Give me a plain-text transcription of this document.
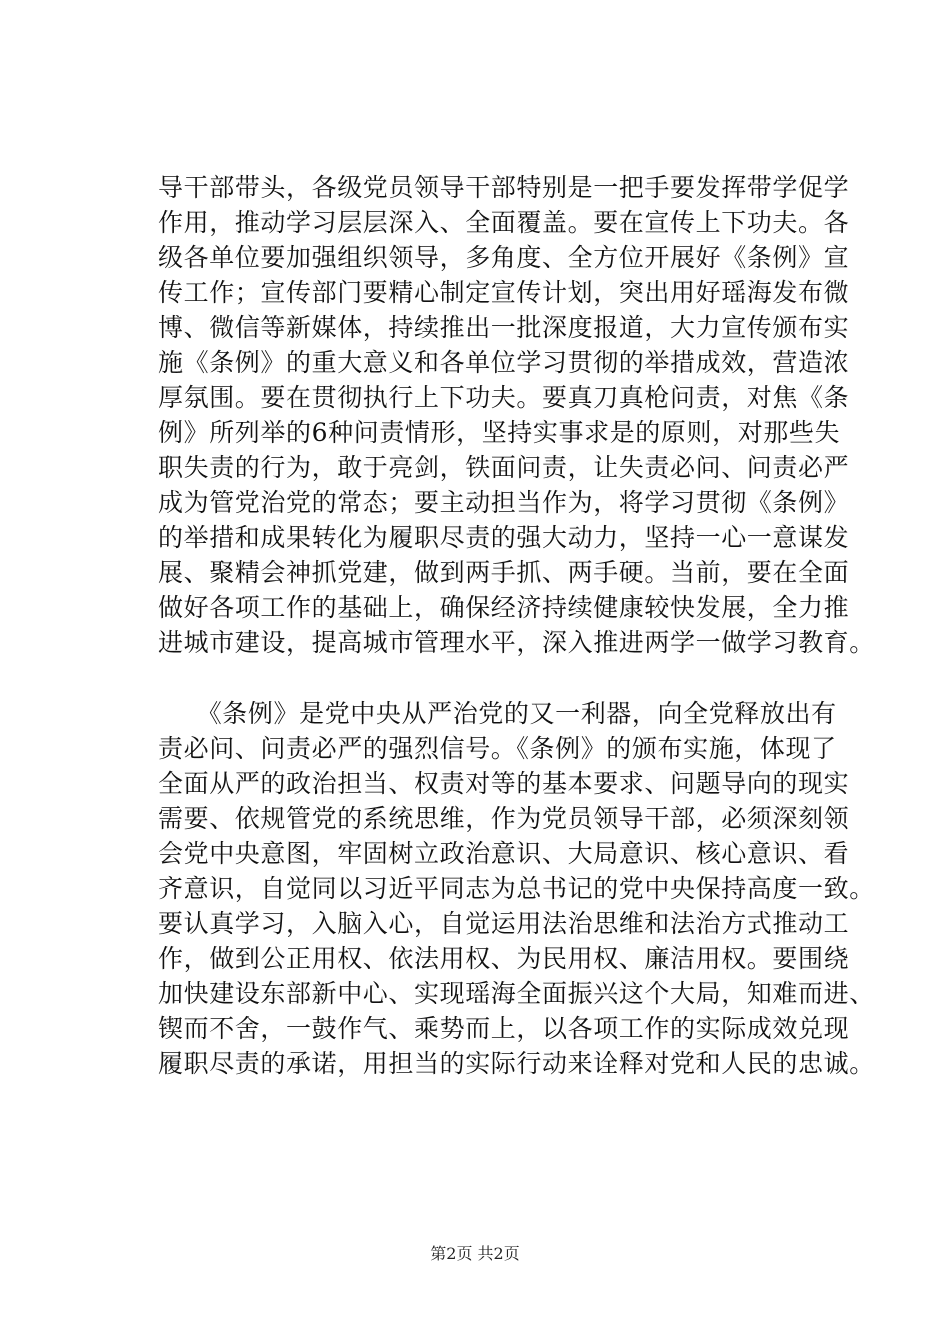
导干部带头，各级党员领导干部特别是一把手要发挥带学促学
作用，推动学习层层深入、全面覆盖。要在宣传上下功夫。各
级各单位要加强组织领导，多角度、全方位开展好《条例》宣
传工作；宣传部门要精心制定宣传计划，突出用好瑶海发布微
博、微信等新媒体，持续推出一批深度报道，大力宣传颁布实
施《条例》的重大意义和各单位学习贯彻的举措成效，营造浓
厚氛围。要在贯彻执行上下功夫。要真刀真枪问责，对焦《条
例》所列举的6种问责情形，坚持实事求是的原则，对那些失
职失责的行为，敢于亮剑，铁面问责，让失责必问、问责必严
成为管党治党的常态；要主动担当作为，将学习贯彻《条例》
的举措和成果转化为履职尽责的强大动力，坚持一心一意谋发
展、聚精会神抓党建，做到两手抓、两手硬。当前，要在全面
做好各项工作的基础上，确保经济持续健康较快发展，全力推
进城市建设，提高城市管理水平，深入推进两学一做学习教育。
　　《条例》是党中央从严治党的又一利器，向全党释放出有
责必问、问责必严的强烈信号。《条例》的颁布实施，体现了
全面从严的政治担当、权责对等的基本要求、问题导向的现实
需要、依规管党的系统思维，作为党员领导干部，必须深刻领
会党中央意图，牢固树立政治意识、大局意识、核心意识、看
齐意识，自觉同以习近平同志为总书记的党中央保持高度一致。
要认真学习，入脑入心，自觉运用法治思维和法治方式推动工
作，做到公正用权、依法用权、为民用权、廉洁用权。要围绕
加快建设东部新中心、实现瑶海全面振兴这个大局，知难而进、
锲而不舍，一鼓作气、乘势而上，以各项工作的实际成效兑现
履职尽责的承诺，用担当的实际行动来诠释对党和人民的忠诚。
第2页 共2页
